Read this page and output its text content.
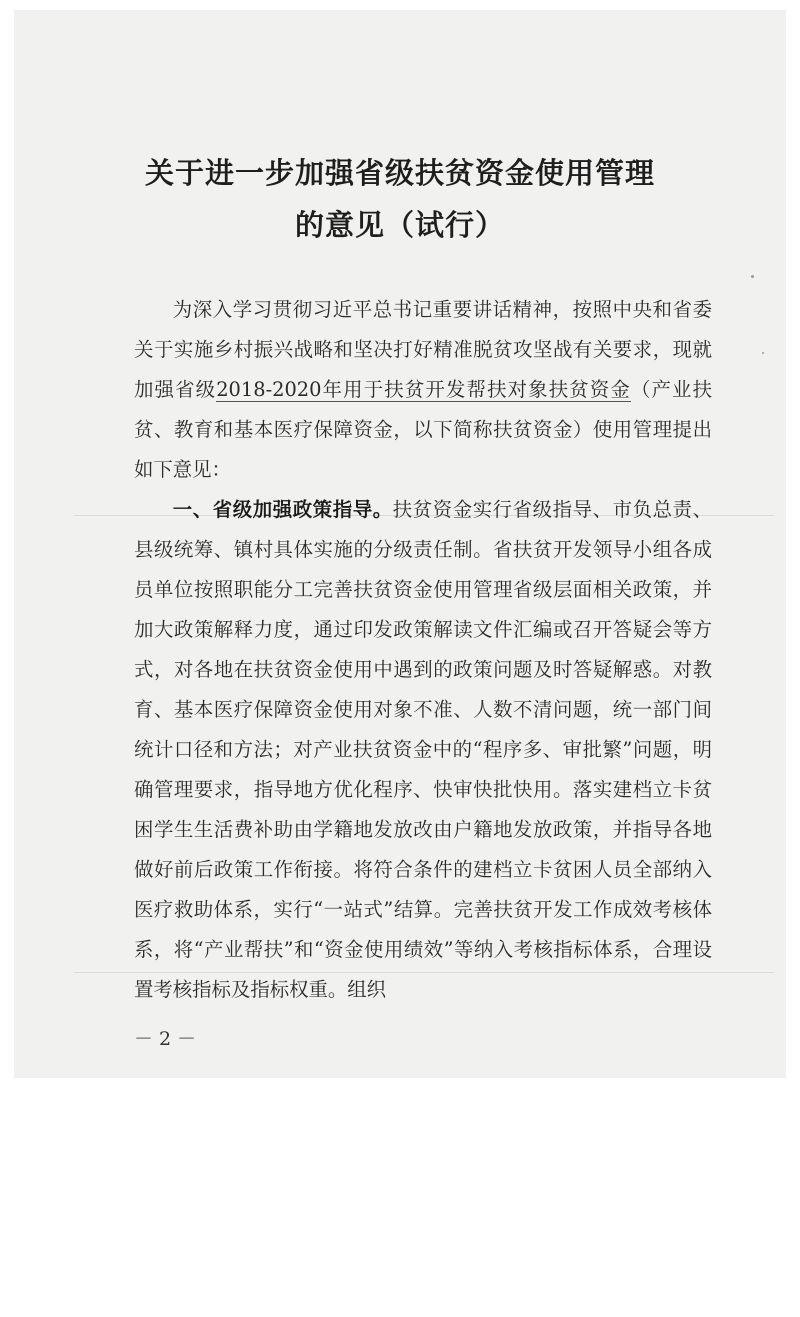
关于进一步加强省级扶贫资金使用管理
的意见（试行）

为深入学习贯彻习近平总书记重要讲话精神，按照中央和省委关于实施乡村振兴战略和坚决打好精准脱贫攻坚战有关要求，现就加强省级2018-2020年用于扶贫开发帮扶对象扶贫资金（产业扶贫、教育和基本医疗保障资金，以下简称扶贫资金）使用管理提出如下意见：

一、省级加强政策指导。扶贫资金实行省级指导、市负总责、县级统筹、镇村具体实施的分级责任制。省扶贫开发领导小组各成员单位按照职能分工完善扶贫资金使用管理省级层面相关政策，并加大政策解释力度，通过印发政策解读文件汇编或召开答疑会等方式，对各地在扶贫资金使用中遇到的政策问题及时答疑解惑。对教育、基本医疗保障资金使用对象不准、人数不清问题，统一部门间统计口径和方法；对产业扶贫资金中的“程序多、审批繁”问题，明确管理要求，指导地方优化程序、快审快批快用。落实建档立卡贫困学生生活费补助由学籍地发放改由户籍地发放政策，并指导各地做好前后政策工作衔接。将符合条件的建档立卡贫困人员全部纳入医疗救助体系，实行“一站式”结算。完善扶贫开发工作成效考核体系，将“产业帮扶”和“资金使用绩效”等纳入考核指标体系，合理设置考核指标及指标权重。组织

－ 2 －
